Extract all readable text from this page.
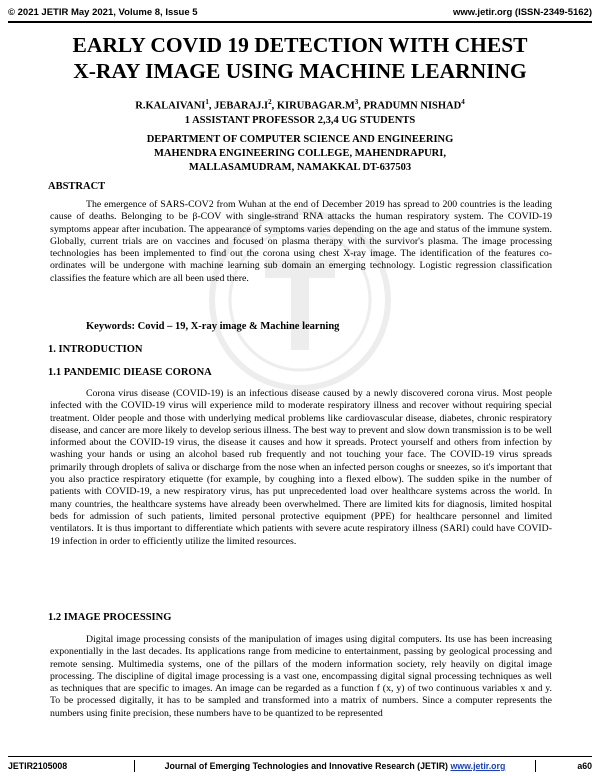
© 2021 JETIR May 2021, Volume 8, Issue 5	www.jetir.org (ISSN-2349-5162)
EARLY COVID 19 DETECTION WITH CHEST
X-RAY IMAGE USING MACHINE LEARNING
R.KALAIVANI$^1$, $JEBARAJ.I^2$, $KIRUBAGAR.M^3$, PRADUMN NISHAD$^4$
1 ASSISTANT PROFESSOR 2,3,4 UG STUDENTS
DEPARTMENT OF COMPUTER SCIENCE AND ENGINEERING
MAHENDRA ENGINEERING COLLEGE, MAHENDRAPURI,
MALLASAMUDRAM, NAMAKKAL DT-637503
ABSTRACT
The emergence of SARS-COV2 from Wuhan at the end of December 2019 has spread to 200 countries is the leading cause of deaths. Belonging to be β-COV with single-strand RNA attacks the human respiratory system. The COVID-19 symptoms appear after incubation. The appearance of symptoms varies depending on the age and status of the immune system. Globally, current trials are on vaccines and focused on plasma therapy with the survivor's plasma. The image processing technologies has been implemented to find out the corona using chest X-ray image. The identification of the features co-ordinates will be undergone with machine learning sub domain an emerging technology. Logistic regression classification classifies the feature which are all been used there.
Keywords: Covid – 19, X-ray image & Machine learning
1. INTRODUCTION
1.1 PANDEMIC DIEASE CORONA
Corona virus disease (COVID-19) is an infectious disease caused by a newly discovered corona virus. Most people infected with the COVID-19 virus will experience mild to moderate respiratory illness and recover without requiring special treatment. Older people and those with underlying medical problems like cardiovascular disease, diabetes, chronic respiratory disease, and cancer are more likely to develop serious illness. The best way to prevent and slow down transmission is to be well informed about the COVID-19 virus, the disease it causes and how it spreads. Protect yourself and others from infection by washing your hands or using an alcohol based rub frequently and not touching your face. The COVID-19 virus spreads primarily through droplets of saliva or discharge from the nose when an infected person coughs or sneezes, so it's important that you also practice respiratory etiquette (for example, by coughing into a flexed elbow). The sudden spike in the number of patients with COVID-19, a new respiratory virus, has put unprecedented load over healthcare systems across the world. In many countries, the healthcare systems have already been overwhelmed. There are limited kits for diagnosis, limited hospital beds for admission of such patients, limited personal protective equipment (PPE) for healthcare personnel and limited ventilators. It is thus important to differentiate which patients with severe acute respiratory illness (SARI) could have COVID-19 infection in order to efficiently utilize the limited resources.
1.2 IMAGE PROCESSING
Digital image processing consists of the manipulation of images using digital computers. Its use has been increasing exponentially in the last decades. Its applications range from medicine to entertainment, passing by geological processing and remote sensing. Multimedia systems, one of the pillars of the modern information society, rely heavily on digital image processing. The discipline of digital image processing is a vast one, encompassing digital signal processing techniques as well as techniques that are specific to images. An image can be regarded as a function f (x, y) of two continuous variables x and y. To be processed digitally, it has to be sampled and transformed into a matrix of numbers. Since a computer represents the numbers using finite precision, these numbers have to be quantized to be represented
JETIR2105008	Journal of Emerging Technologies and Innovative Research (JETIR) www.jetir.org	a60
